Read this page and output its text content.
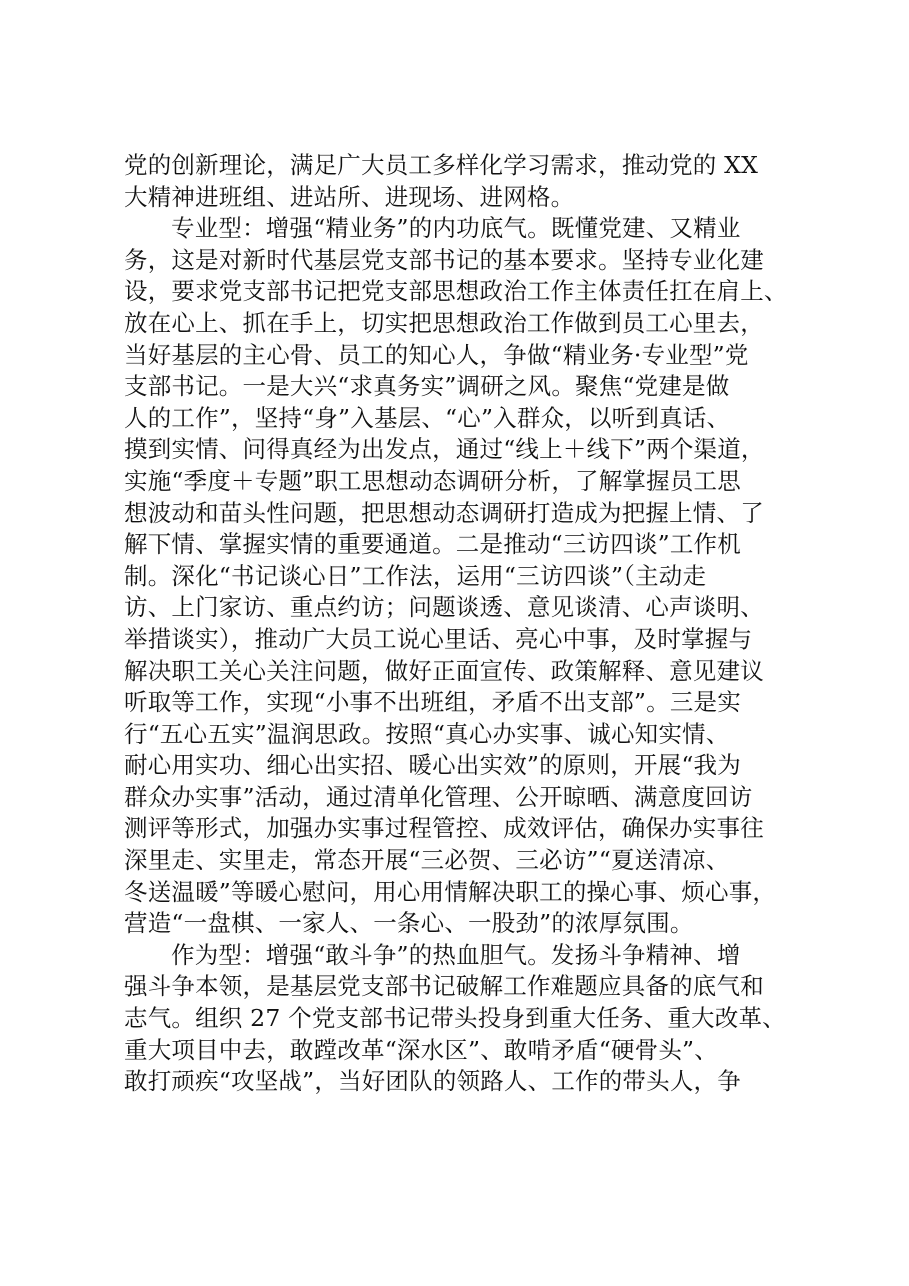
党的创新理论，满足广大员工多样化学习需求，推动党的 XX
大精神进班组、进站所、进现场、进网格。
专业型：增强“精业务”的内功底气。既懂党建、又精业
务，这是对新时代基层党支部书记的基本要求。坚持专业化建
设，要求党支部书记把党支部思想政治工作主体责任扛在肩上、
放在心上、抓在手上，切实把思想政治工作做到员工心里去，
当好基层的主心骨、员工的知心人，争做“精业务·专业型”党
支部书记。一是大兴“求真务实”调研之风。聚焦“党建是做
人的工作”，坚持“身”入基层、“心”入群众，以听到真话、
摸到实情、问得真经为出发点，通过“线上＋线下”两个渠道，
实施“季度＋专题”职工思想动态调研分析，了解掌握员工思
想波动和苗头性问题，把思想动态调研打造成为把握上情、了
解下情、掌握实情的重要通道。二是推动“三访四谈”工作机
制。深化“书记谈心日”工作法，运用“三访四谈”（主动走
访、上门家访、重点约访；问题谈透、意见谈清、心声谈明、
举措谈实），推动广大员工说心里话、亮心中事，及时掌握与
解决职工关心关注问题，做好正面宣传、政策解释、意见建议
听取等工作，实现“小事不出班组，矛盾不出支部”。三是实
行“五心五实”温润思政。按照“真心办实事、诚心知实情、
耐心用实功、细心出实招、暖心出实效”的原则，开展“我为
群众办实事”活动，通过清单化管理、公开晾晒、满意度回访
测评等形式，加强办实事过程管控、成效评估，确保办实事往
深里走、实里走，常态开展“三必贺、三必访”“夏送清凉、
冬送温暖”等暖心慰问，用心用情解决职工的操心事、烦心事，
营造“一盘棋、一家人、一条心、一股劲”的浓厚氛围。
作为型：增强“敢斗争”的热血胆气。发扬斗争精神、增
强斗争本领，是基层党支部书记破解工作难题应具备的底气和
志气。组织 27 个党支部书记带头投身到重大任务、重大改革、
重大项目中去，敢蹚改革“深水区”、敢啃矛盾“硬骨头”、
敢打顽疾“攻坚战”，当好团队的领路人、工作的带头人，争
